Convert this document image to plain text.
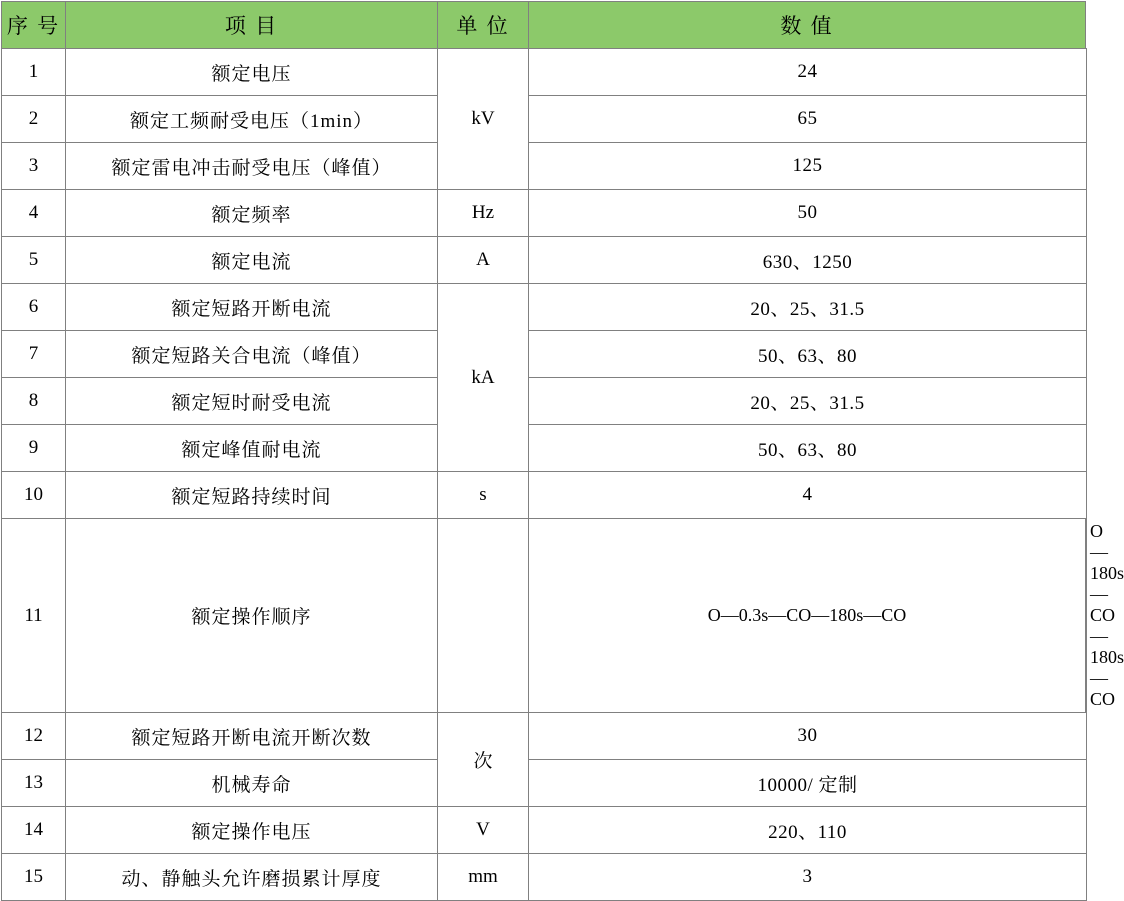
序 号	项 目	单 位	数 值	
1	额定电压	kV	24	
2	额定工频耐受电压（1min）		65	
3	额定雷电冲击耐受电压（峰值）		125	
4	额定频率	Hz	50	
5	额定电流	A	630、1250	
6	额定短路开断电流	kA	20、25、31.5	
7	额定短路关合电流（峰值）		50、63、80	
8	额定短时耐受电流		20、25、31.5	
9	额定峰值耐电流		50、63、80	
10	额定短路持续时间	s	4	
11	额定操作顺序		O—0.3s—CO—180s—CO	O—180s—CO—180s—CO
12	额定短路开断电流开断次数	次	30	
13	机械寿命		10000/ 定制	
14	额定操作电压	V	220、110	
15	动、静触头允许磨损累计厚度	mm	3	
